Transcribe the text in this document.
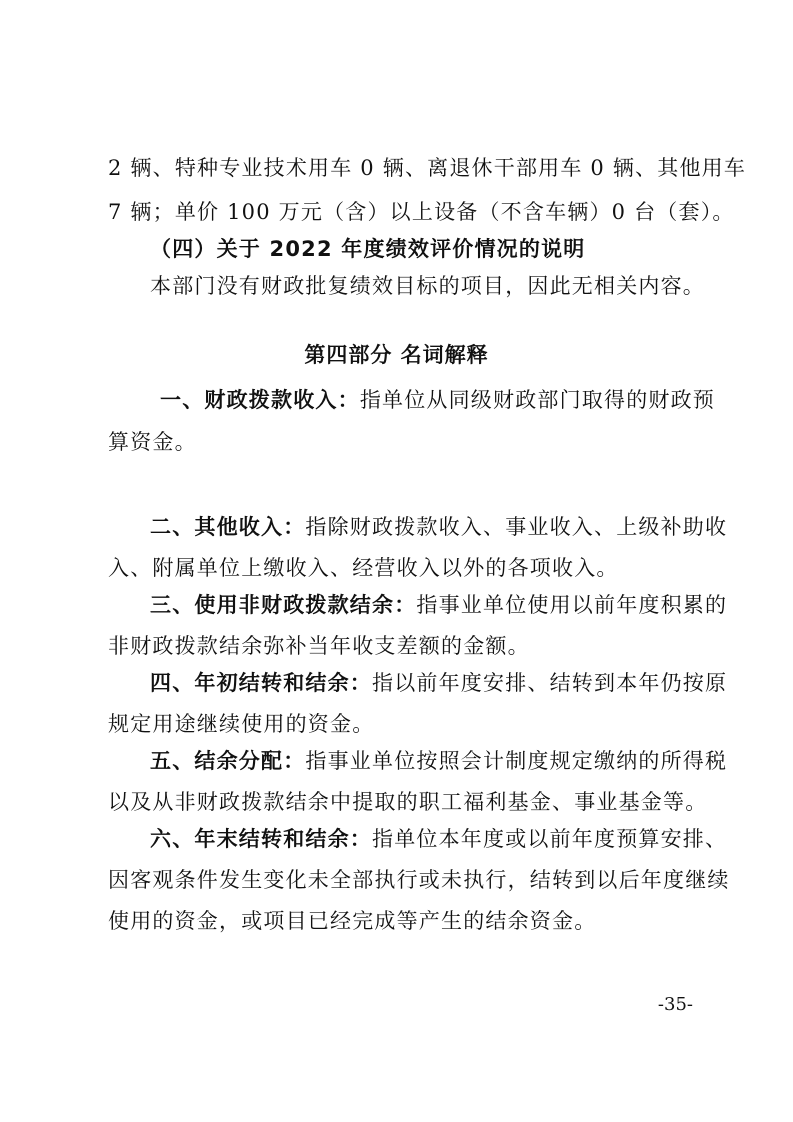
2 辆、特种专业技术用车 0 辆、离退休干部用车 0 辆、其他用车
7 辆；单价 100 万元（含）以上设备（不含车辆）0 台（套）。
（四）关于 2022 年度绩效评价情况的说明
本部门没有财政批复绩效目标的项目，因此无相关内容。
第四部分 名词解释
一、财政拨款收入：指单位从同级财政部门取得的财政预
算资金。
二、其他收入：指除财政拨款收入、事业收入、上级补助收
入、附属单位上缴收入、经营收入以外的各项收入。
三、使用非财政拨款结余：指事业单位使用以前年度积累的
非财政拨款结余弥补当年收支差额的金额。
四、年初结转和结余：指以前年度安排、结转到本年仍按原
规定用途继续使用的资金。
五、结余分配：指事业单位按照会计制度规定缴纳的所得税
以及从非财政拨款结余中提取的职工福利基金、事业基金等。
六、年末结转和结余：指单位本年度或以前年度预算安排、
因客观条件发生变化未全部执行或未执行，结转到以后年度继续
使用的资金，或项目已经完成等产生的结余资金。
-35-
